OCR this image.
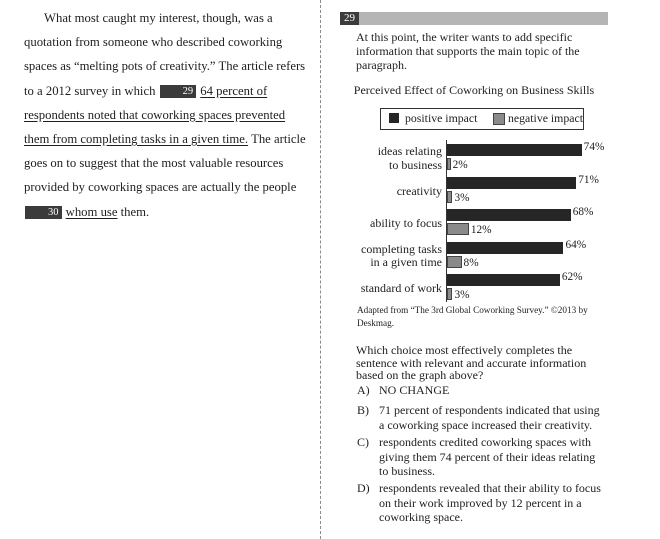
What most caught my interest, though, was a quotation from someone who described coworking spaces as “melting pots of creativity.” The article refers to a 2012 survey in which	29 64 percent of respondents noted that coworking spaces prevented them from completing tasks in a given time. The article goes on to suggest that the most valuable resources provided by coworking spaces are actually the people 30 whom use them.

29
At this point, the writer wants to add specific information that supports the main topic of the paragraph.
Perceived Effect of Coworking on Business Skills
positive impact	negative impact
ideas relating
to business
74%
2%
creativity
71%
3%
ability to focus
68%
12%
completing tasks
in a given time
64%
8%
standard of work
62%
3%
Adapted from “The 3rd Global Coworking Survey.” ©2013 by Deskmag.
Which choice most effectively completes the sentence with relevant and accurate information based on the graph above?
A) NO CHANGE
B) 71 percent of respondents indicated that using a coworking space increased their creativity.
C) respondents credited coworking spaces with giving them 74 percent of their ideas relating to business.
D) respondents revealed that their ability to focus on their work improved by 12 percent in a coworking space.
